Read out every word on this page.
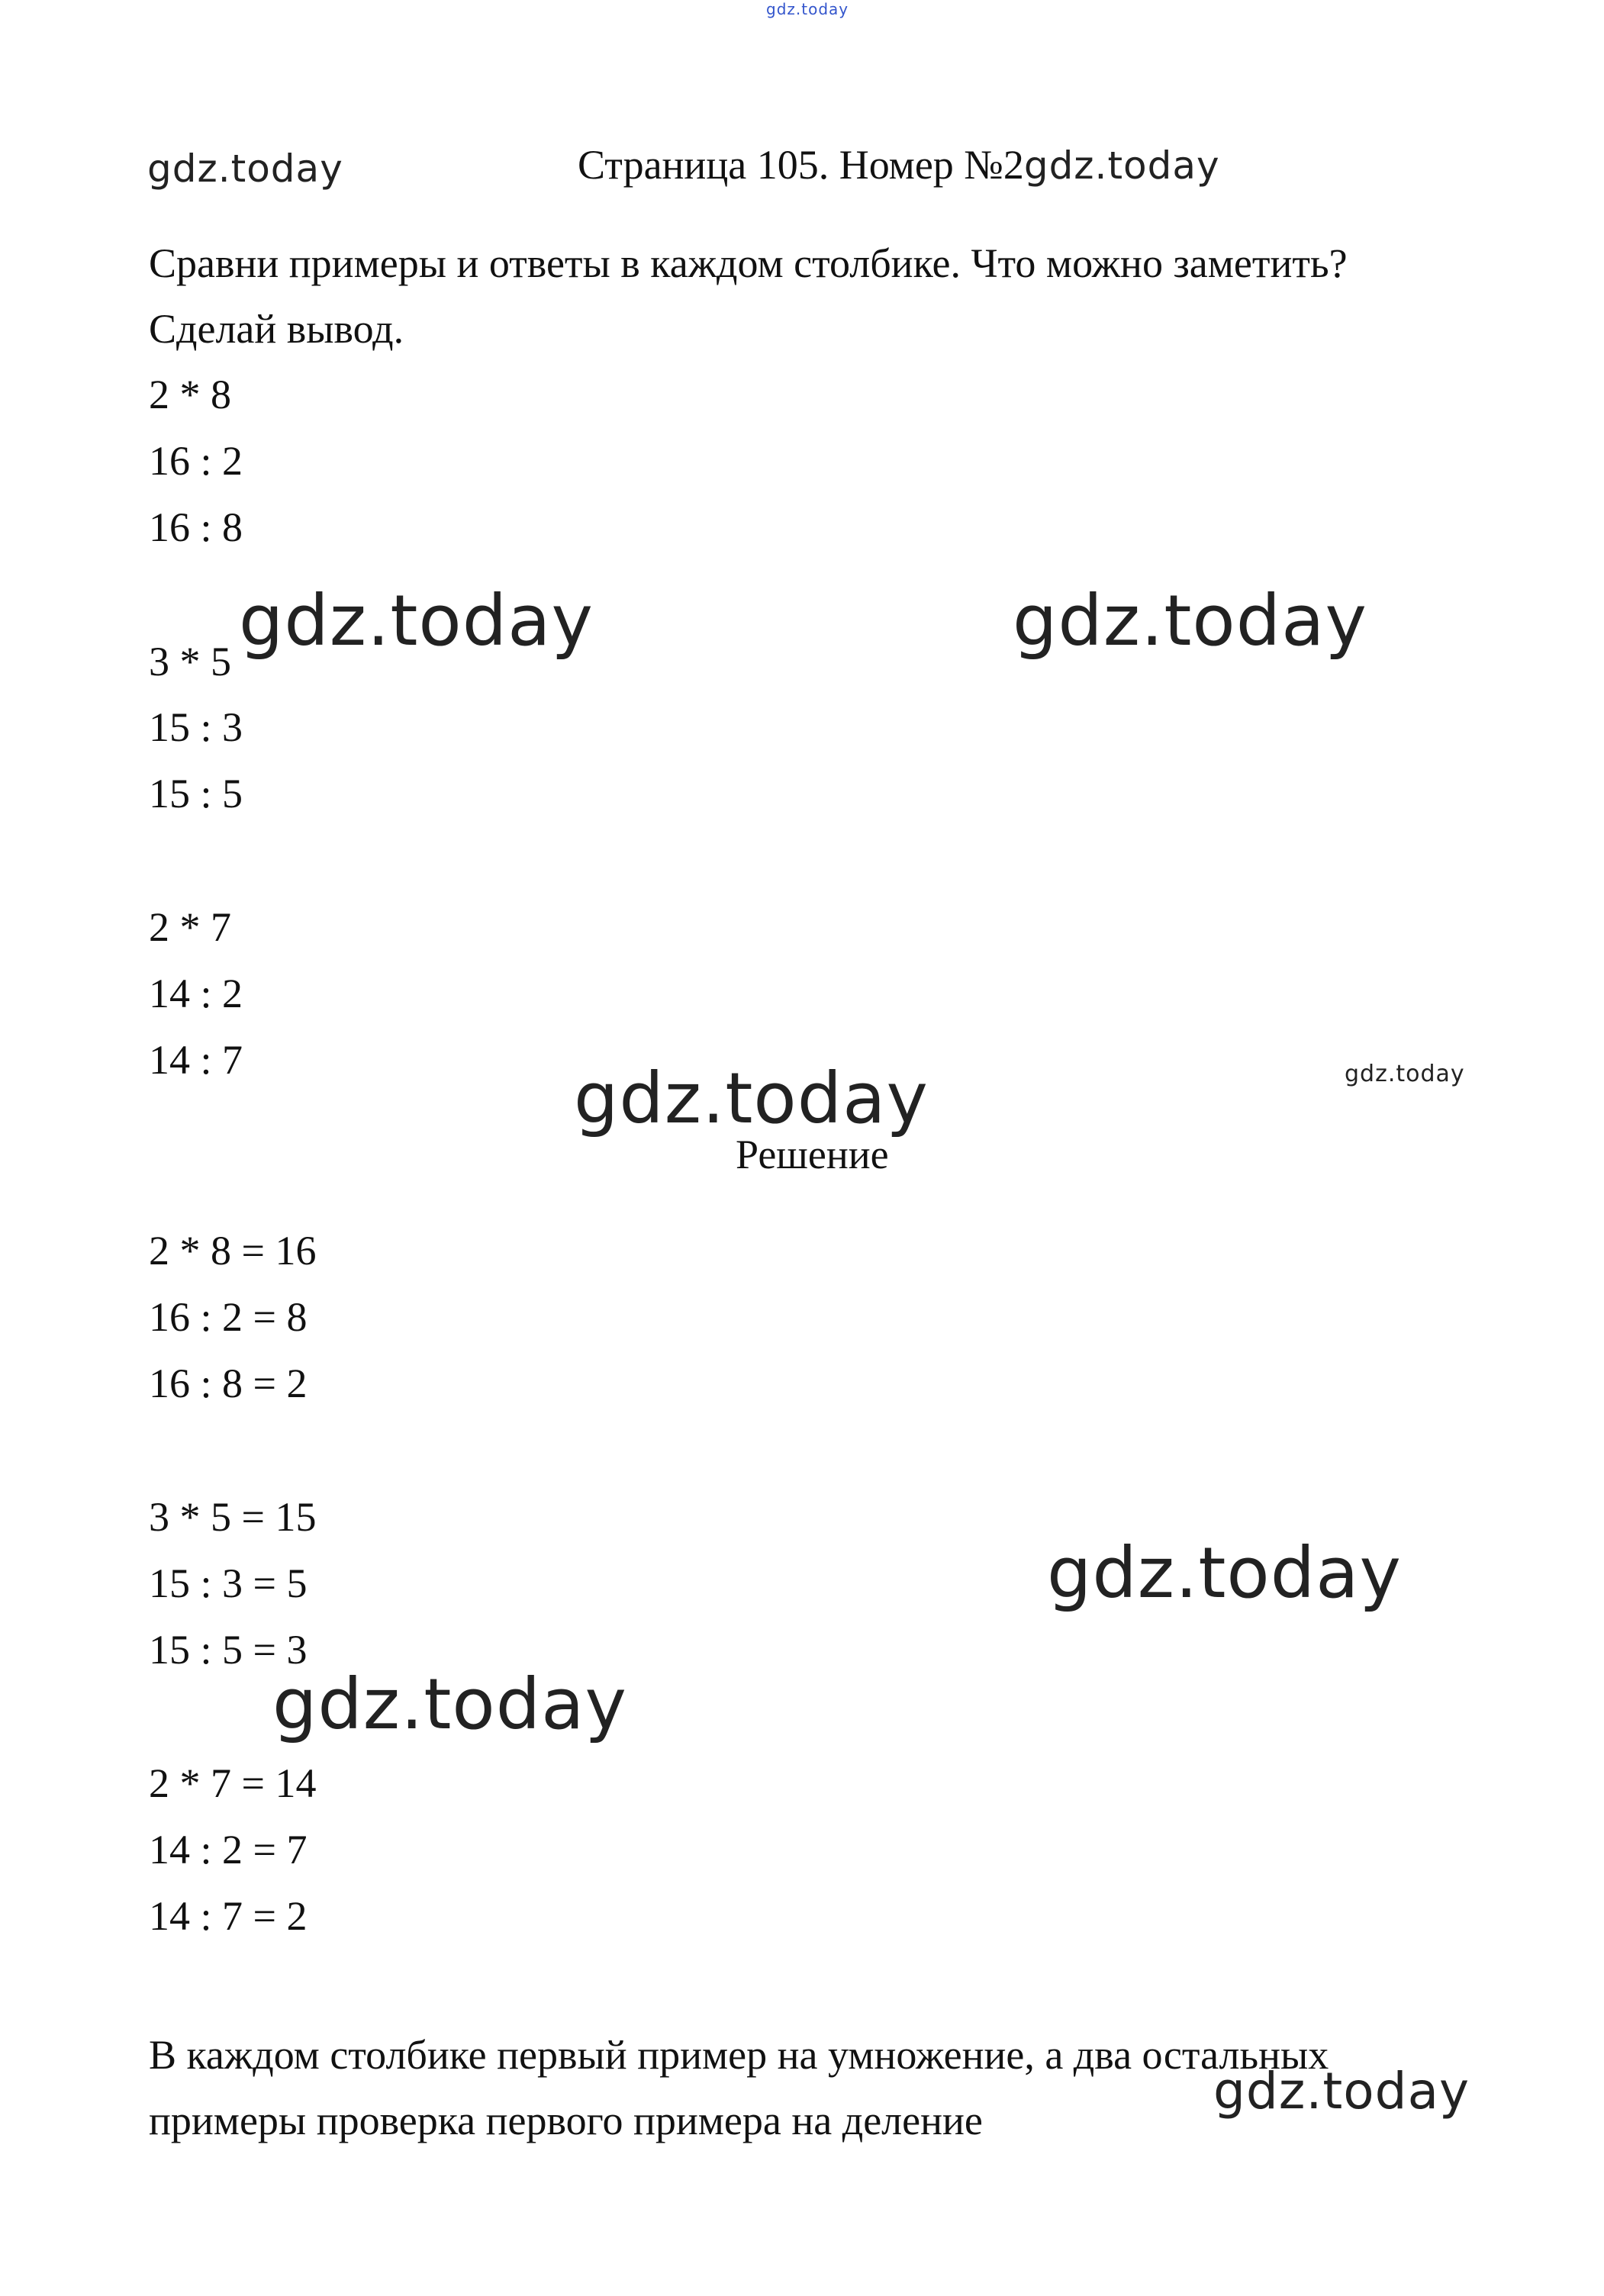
gdz.today
gdz.today	Страница 105. Номер №2gdz.today
Сравни примеры и ответы в каждом столбике. Что можно заметить?
Сделай вывод.
2 * 8
16 : 2
16 : 8
gdz.today	gdz.today
3 * 5
15 : 3
15 : 5
2 * 7
14 : 2
14 : 7	gdz.today	gdz.today
Решение
2 * 8 = 16
16 : 2 = 8
16 : 8 = 2
3 * 5 = 15
15 : 3 = 5
15 : 5 = 3
gdz.today
gdz.today
2 * 7 = 14
14 : 2 = 7
14 : 7 = 2
В каждом столбике первый пример на умножение, а два остальных
примеры проверка первого примера на деление	gdz.today
